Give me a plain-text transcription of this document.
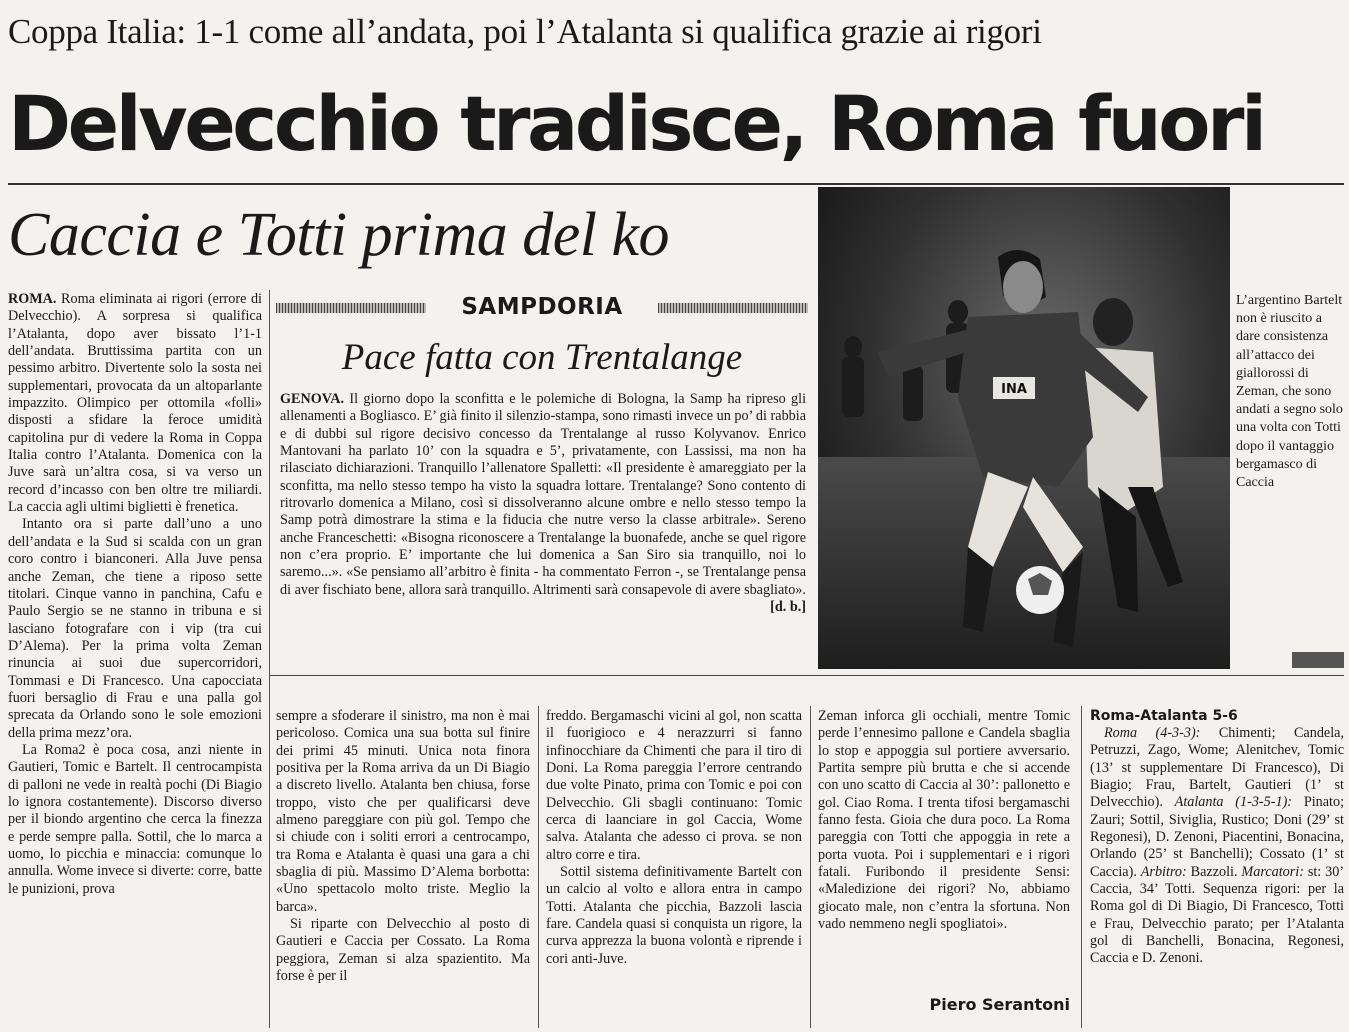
Coppa Italia: 1-1 come all’andata, poi l’Atalanta si qualifica grazie ai rigori
Delvecchio tradisce, Roma fuori
Caccia e Totti prima del ko

ROMA. Roma eliminata ai rigori (errore di Delvecchio). A sorpresa si qualifica l’Atalanta, dopo aver bissato l’1-1 dell’andata. Bruttissima partita con un pessimo arbitro. Divertente solo la sosta nei supplementari, provocata da un altoparlante impazzito. Olimpico per ottomila «folli» disposti a sfidare la feroce umidità capitolina pur di vedere la Roma in Coppa Italia contro l’Atalanta. Domenica con la Juve sarà un’altra cosa, si va verso un record d’incasso con ben oltre tre miliardi. La caccia agli ultimi biglietti è frenetica.

Intanto ora si parte dall’uno a uno dell’andata e la Sud si scalda con un gran coro contro i bianconeri. Alla Juve pensa anche Zeman, che tiene a riposo sette titolari. Cinque vanno in panchina, Cafu e Paulo Sergio se ne stanno in tribuna e si lasciano fotografare con i vip (tra cui D’Alema). Per la prima volta Zeman rinuncia ai suoi due supercorridori, Tommasi e Di Francesco. Una capocciata fuori bersaglio di Frau e una palla gol sprecata da Orlando sono le sole emozioni della prima mezz’ora.

La Roma2 è poca cosa, anzi niente in Gautieri, Tomic e Bartelt. Il centrocampista di palloni ne vede in realtà pochi (Di Biagio lo ignora costantemente). Discorso diverso per il biondo argentino che cerca la finezza e perde sempre palla. Sottil, che lo marca a uomo, lo picchia e minaccia: comunque lo annulla. Wome invece si diverte: corre, batte le punizioni, prova

SAMPDORIA
Pace fatta con Trentalange

GENOVA. Il giorno dopo la sconfitta e le polemiche di Bologna, la Samp ha ripreso gli allenamenti a Bogliasco. E’ già finito il silenzio-stampa, sono rimasti invece un po’ di rabbia e di dubbi sul rigore decisivo concesso da Trentalange al russo Kolyvanov. Enrico Mantovani ha parlato 10’ con la squadra e 5’, privatamente, con Lassissi, ma non ha rilasciato dichiarazioni. Tranquillo l’allenatore Spalletti: «Il presidente è amareggiato per la sconfitta, ma nello stesso tempo ha visto la squadra lottare. Trentalange? Sono contento di ritrovarlo domenica a Milano, così si dissolveranno alcune ombre e nello stesso tempo la Samp potrà dimostrare la stima e la fiducia che nutre verso la classe arbitrale». Sereno anche Franceschetti: «Bisogna riconoscere a Trentalange la buonafede, anche se quel rigore non c’era proprio. E’ importante che lui domenica a San Siro sia tranquillo, noi lo saremo...». «Se pensiamo all’arbitro è finita - ha commentato Ferron -, se Trentalange pensa di aver fischiato bene, allora sarà tranquillo. Altrimenti sarà consapevole di avere sbagliato».
[d. b.]

INA
L’argentino Bartelt non è riuscito a dare consistenza all’attacco dei giallorossi di Zeman, che sono andati a segno solo una volta con Totti dopo il vantaggio bergamasco di Caccia

sempre a sfoderare il sinistro, ma non è mai pericoloso. Comica una sua botta sul finire dei primi 45 minuti. Unica nota finora positiva per la Roma arriva da un Di Biagio a discreto livello. Atalanta ben chiusa, forse troppo, visto che per qualificarsi deve almeno pareggiare con più gol. Tempo che si chiude con i soliti errori a centrocampo, tra Roma e Atalanta è quasi una gara a chi sbaglia di più. Massimo D’Alema borbotta: «Uno spettacolo molto triste. Meglio la barca».

Si riparte con Delvecchio al posto di Gautieri e Caccia per Cossato. La Roma peggiora, Zeman si alza spazientito. Ma forse è per il

freddo. Bergamaschi vicini al gol, non scatta il fuorigioco e 4 nerazzurri si fanno infinocchiare da Chimenti che para il tiro di Doni. La Roma pareggia l’errore centrando due volte Pinato, prima con Tomic e poi con Delvecchio. Gli sbagli continuano: Tomic cerca di laanciare in gol Caccia, Wome salva. Atalanta che adesso ci prova. se non altro corre e tira.

Sottil sistema definitivamente Bartelt con un calcio al volto e allora entra in campo Totti. Atalanta che picchia, Bazzoli lascia fare. Candela quasi si conquista un rigore, la curva apprezza la buona volontà e riprende i cori anti-Juve.

Zeman inforca gli occhiali, mentre Tomic perde l’ennesimo pallone e Candela sbaglia lo stop e appoggia sul portiere avversario. Partita sempre più brutta e che si accende con uno scatto di Caccia al 30’: pallonetto e gol. Ciao Roma. I trenta tifosi bergamaschi fanno festa. Gioia che dura poco. La Roma pareggia con Totti che appoggia in rete a porta vuota. Poi i supplementari e i rigori fatali. Furibondo il presidente Sensi: «Maledizione dei rigori? No, abbiamo giocato male, non c’entra la sfortuna. Non vado nemmeno negli spogliatoi».

Piero Serantoni
Roma-Atalanta 5-6

Roma (4-3-3): Chimenti; Candela, Petruzzi, Zago, Wome; Alenitchev, Tomic (13’ st supplementare Di Francesco), Di Biagio; Frau, Bartelt, Gautieri (1’ st Delvecchio). Atalanta (1-3-5-1): Pinato; Zauri; Sottil, Siviglia, Rustico; Doni (29’ st Regonesi), D. Zenoni, Piacentini, Bonacina, Orlando (25’ st Banchelli); Cossato (1’ st Caccia). Arbitro: Bazzoli. Marcatori: st: 30’ Caccia, 34’ Totti. Sequenza rigori: per la Roma gol di Di Biagio, Di Francesco, Totti e Frau, Delvecchio parato; per l’Atalanta gol di Banchelli, Bonacina, Regonesi, Caccia e D. Zenoni.
